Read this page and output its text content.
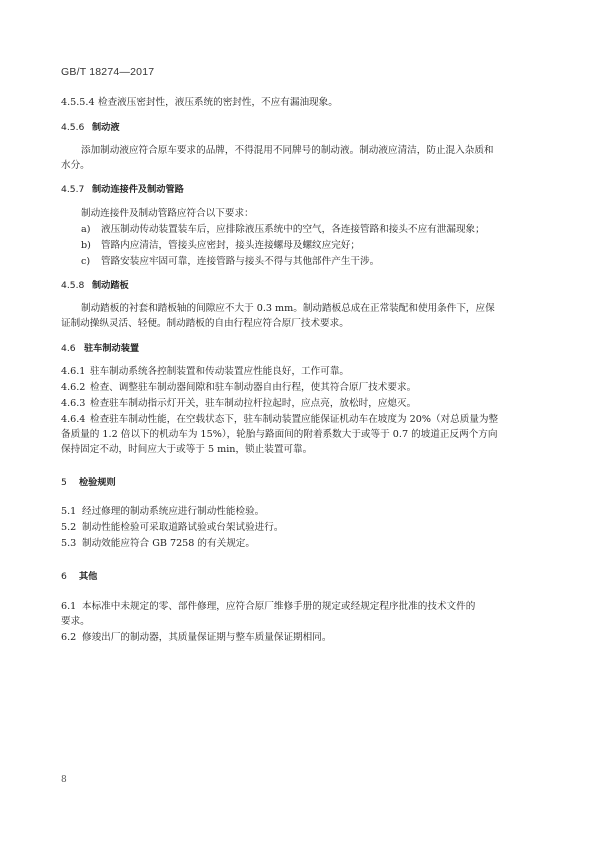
GB/T 18274—2017
4.5.5.4 检查液压密封性，液压系统的密封性，不应有漏油现象。
4.5.6 制动液
添加制动液应符合原车要求的品牌，不得混用不同牌号的制动液。制动液应清洁，防止混入杂质和
水分。
4.5.7 制动连接件及制动管路
制动连接件及制动管路应符合以下要求：
a) 液压制动传动装置装车后，应排除液压系统中的空气，各连接管路和接头不应有泄漏现象；
b) 管路内应清洁，管接头应密封，接头连接螺母及螺纹应完好；
c) 管路安装应牢固可靠，连接管路与接头不得与其他部件产生干涉。
4.5.8 制动踏板
制动踏板的衬套和踏板轴的间隙应不大于 0.3 mm。制动踏板总成在正常装配和使用条件下，应保
证制动操纵灵活、轻便。制动踏板的自由行程应符合原厂技术要求。
4.6 驻车制动装置
4.6.1 驻车制动系统各控制装置和传动装置应性能良好，工作可靠。
4.6.2 检查、调整驻车制动器间隙和驻车制动器自由行程，使其符合原厂技术要求。
4.6.3 检查驻车制动指示灯开关，驻车制动拉杆拉起时，应点亮，放松时，应熄灭。
4.6.4 检查驻车制动性能，在空载状态下，驻车制动装置应能保证机动车在坡度为 20%（对总质量为整
备质量的 1.2 倍以下的机动车为 15%），轮胎与路面间的附着系数大于或等于 0.7 的坡道正反两个方向
保持固定不动，时间应大于或等于 5 min，锁止装置可靠。
5 检验规则
5.1 经过修理的制动系统应进行制动性能检验。
5.2 制动性能检验可采取道路试验或台架试验进行。
5.3 制动效能应符合 GB 7258 的有关规定。
6 其他
6.1 本标准中未规定的零、部件修理，应符合原厂维修手册的规定或经规定程序批准的技术文件的
要求。
6.2 修竣出厂的制动器，其质量保证期与整车质量保证期相同。
8
